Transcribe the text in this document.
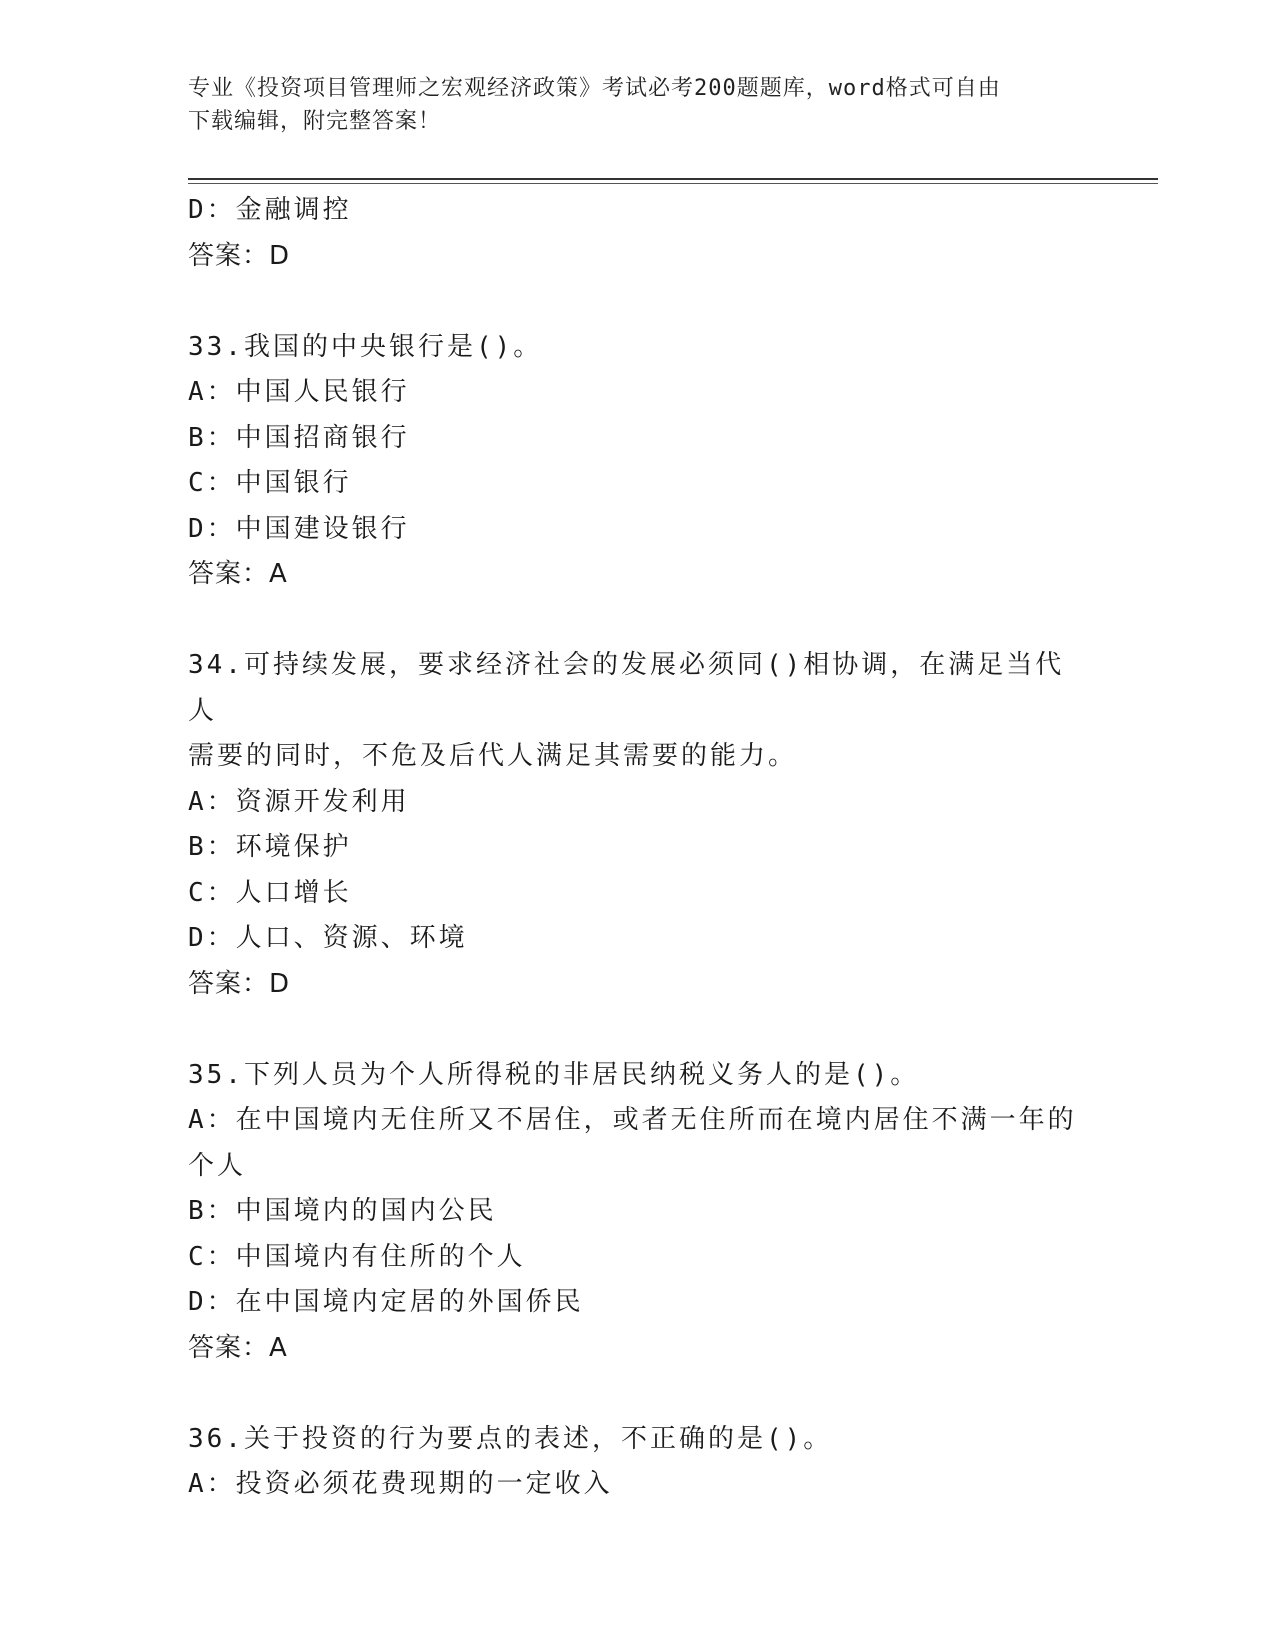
专业《投资项目管理师之宏观经济政策》考试必考200题题库，word格式可自由
下载编辑，附完整答案！
D：金融调控
答案：D
33.我国的中央银行是()。
A：中国人民银行
B：中国招商银行
C：中国银行
D：中国建设银行
答案：A
34.可持续发展，要求经济社会的发展必须同()相协调，在满足当代人
需要的同时，不危及后代人满足其需要的能力。
A：资源开发利用
B：环境保护
C：人口增长
D：人口、资源、环境
答案：D
35.下列人员为个人所得税的非居民纳税义务人的是()。
A：在中国境内无住所又不居住，或者无住所而在境内居住不满一年的
个人
B：中国境内的国内公民
C：中国境内有住所的个人
D：在中国境内定居的外国侨民
答案：A
36.关于投资的行为要点的表述，不正确的是()。
A：投资必须花费现期的一定收入
